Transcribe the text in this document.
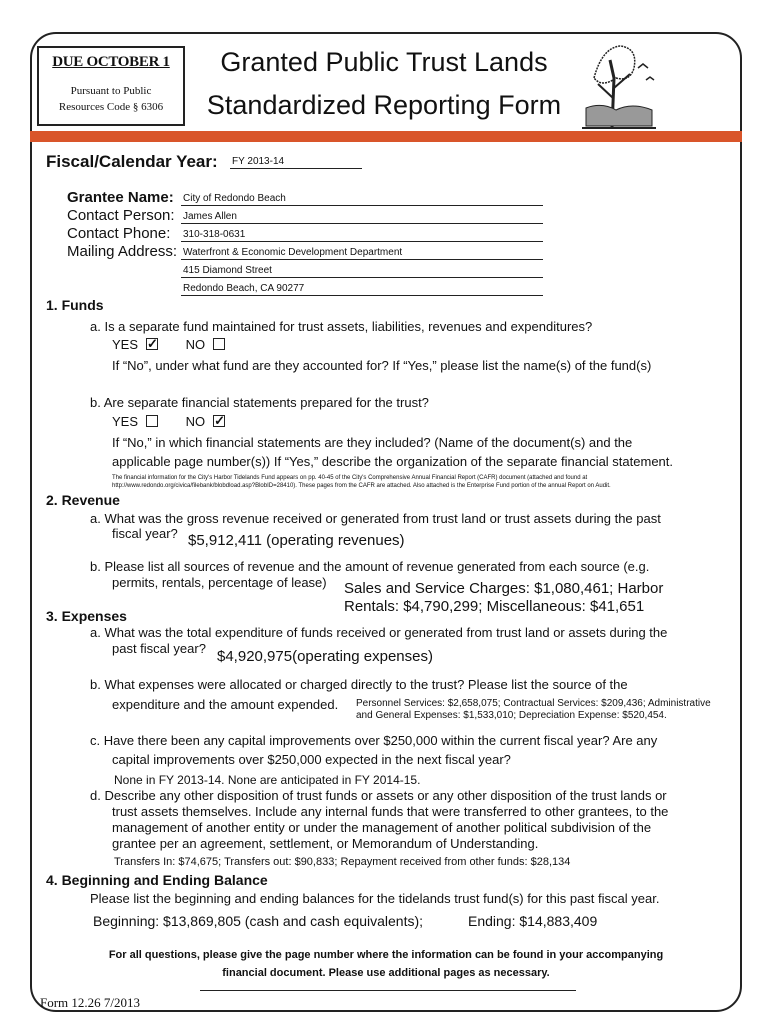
DUE OCTOBER 1
Pursuant to Public
Resources Code § 6306
Granted Public Trust Lands
Standardized Reporting Form
Fiscal/Calendar Year: FY 2013-14
Grantee Name: City of Redondo Beach
Contact Person: James Allen
Contact Phone: 310-318-0631
Mailing Address: Waterfront & Economic Development Department
415 Diamond Street
Redondo Beach, CA 90277
1. Funds
a. Is a separate fund maintained for trust assets, liabilities, revenues and expenditures?
YES✓	NO
If “No”, under what fund are they accounted for? If “Yes,” please list the name(s) of the fund(s)
b. Are separate financial statements prepared for the trust?
YES	NO✓
If “No,” in which financial statements are they included? (Name of the document(s) and the
applicable page number(s)) If “Yes,” describe the organization of the separate financial statement.
The financial information for the City's Harbor Tidelands Fund appears on pp. 40-45 of the City's Comprehensive Annual Financial Report (CAFR) document (attached and found at
http://www.redondo.org/civica/filebank/blobdload.asp?BlobID=28410). These pages from the CAFR are attached. Also attached is the Enterprise Fund portion of the annual Report on Audit.
2. Revenue
a. What was the gross revenue received or generated from trust land or trust assets during the past
fiscal year? $5,912,411 (operating revenues)
b. Please list all sources of revenue and the amount of revenue generated from each source (e.g.
permits, rentals, percentage of lease) Sales and Service Charges: $1,080,461; Harbor
Rentals: $4,790,299; Miscellaneous: $41,651
3. Expenses
a. What was the total expenditure of funds received or generated from trust land or assets during the
past fiscal year? $4,920,975(operating expenses)
b. What expenses were allocated or charged directly to the trust? Please list the source of the
expenditure and the amount expended. Personnel Services: $2,658,075; Contractual Services: $209,436; Administrative
and General Expenses: $1,533,010; Depreciation Expense: $520,454.
c. Have there been any capital improvements over $250,000 within the current fiscal year? Are any
capital improvements over $250,000 expected in the next fiscal year?
None in FY 2013-14. None are anticipated in FY 2014-15.
d. Describe any other disposition of trust funds or assets or any other disposition of the trust lands or
trust assets themselves. Include any internal funds that were transferred to other grantees, to the
management of another entity or under the management of another political subdivision of the
grantee per an agreement, settlement, or Memorandum of Understanding.
Transfers In: $74,675; Transfers out: $90,833; Repayment received from other funds: $28,134
4. Beginning and Ending Balance
Please list the beginning and ending balances for the tidelands trust fund(s) for this past fiscal year.
Beginning: $13,869,805 (cash and cash equivalents);	Ending: $14,883,409
For all questions, please give the page number where the information can be found in your accompanying
financial document. Please use additional pages as necessary.
Form 12.26 7/2013
